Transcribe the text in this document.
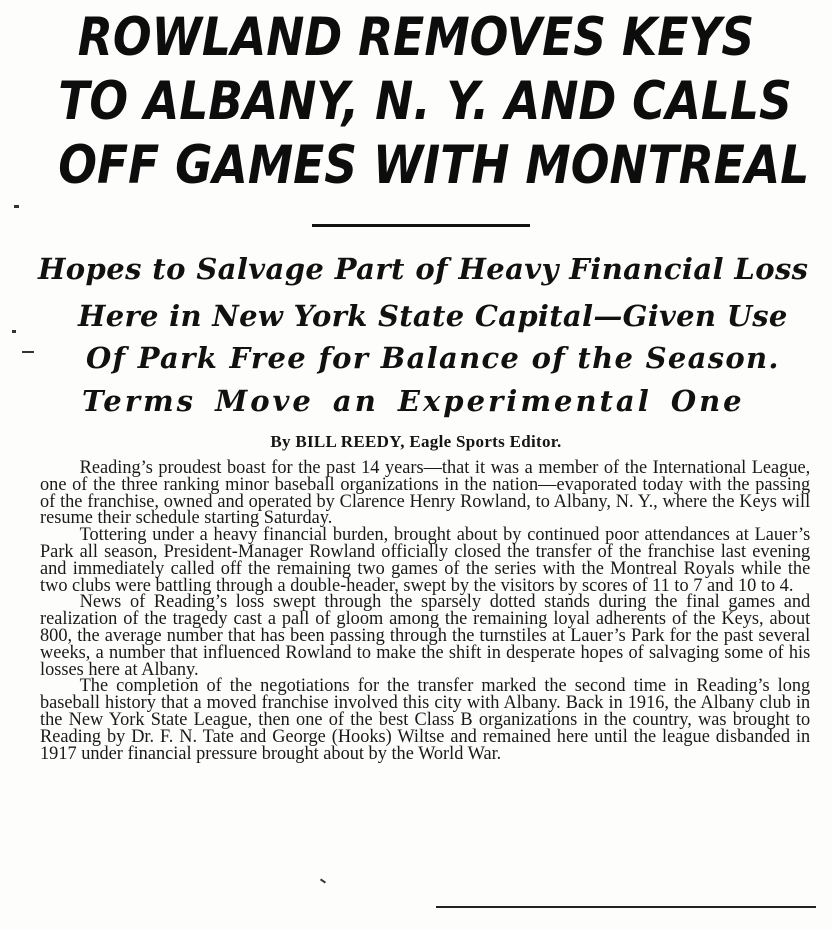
ROWLAND REMOVES KEYS
TO ALBANY, N. Y. AND CALLS
OFF GAMES WITH MONTREAL
Hopes to Salvage Part of Heavy Financial Loss
Here in New York State Capital—Given Use
Of Park Free for Balance of the Season.
Terms Move an Experimental One
By BILL REEDY, Eagle Sports Editor.

Reading’s proudest boast for the past 14 years—that it was a member of the International League, one of the three ranking minor baseball organizations in the nation—evaporated today with the passing of the franchise, owned and operated by Clarence Henry Rowland, to Albany, N. Y., where the Keys will resume their schedule starting Saturday.

Tottering under a heavy financial burden, brought about by continued poor attendances at Lauer’s Park all season, President-Manager Rowland officially closed the transfer of the franchise last evening and immediately called off the remaining two games of the series with the Montreal Royals while the two clubs were battling through a double-header, swept by the visitors by scores of 11 to 7 and 10 to 4.

News of Reading’s loss swept through the sparsely dotted stands during the final games and realization of the tragedy cast a pall of gloom among the remaining loyal adherents of the Keys, about 800, the average number that has been passing through the turnstiles at Lauer’s Park for the past several weeks, a number that influenced Rowland to make the shift in desperate hopes of salvaging some of his losses here at Albany.

The completion of the negotiations for the transfer marked the second time in Reading’s long baseball history that a moved franchise involved this city with Albany. Back in 1916, the Albany club in the New York State League, then one of the best Class B organizations in the country, was brought to Reading by Dr. F. N. Tate and George (Hooks) Wiltse and remained here until the league disbanded in 1917 under financial pressure brought about by the World War.
